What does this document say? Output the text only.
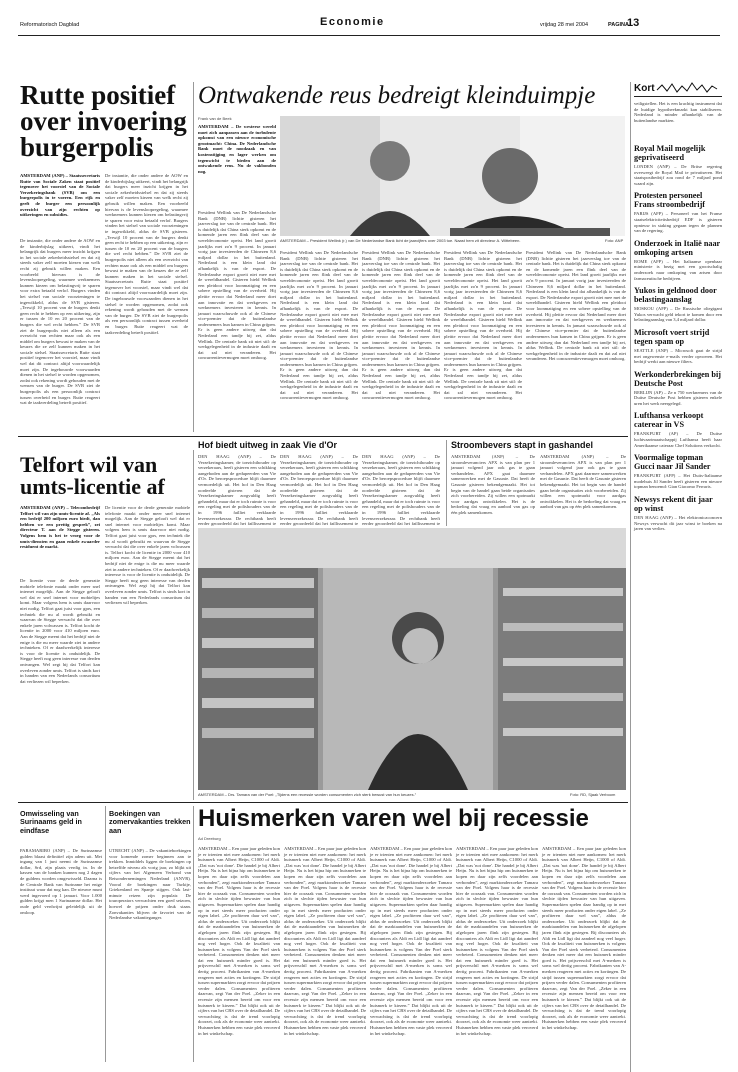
Reformatorisch Dagblad	Economie	vrijdag 28 mei 2004	PAGINA
13
Rutte positief over invoering burgerpolis
AMSTERDAM (ANP) – Staatssecretaris Rutte van Sociale Zaken staat positief tegenover het voorstel van de Sociale Verzekeringsbank (SVB) om een burgerpolis in te voeren. Een rijk en geeft de burger een persoonlijk overzicht van zijn rechten op uitkeringen en subsidies.
De instantie, die onder andere de AOW en de kinderbijslag uitkeert, vindt het belangrijk dat burgers meer inzicht krijgen in het sociale zekerheidsstelsel en dat zij steeds vaker zelf moeten kiezen van welk recht zij gebruik willen maken. Een voorbeeld hiervan is de levensloopregeling, waarmee werknemers kunnen kiezen om belastingvrij te sparen voor extra betaald verlof. Burgers vinden het stelsel van sociale voorzieningen te ingewikkeld, aldus de SVB gisteren. „Terwijl 10 procent van de burgers denkt geen recht te hebben op een uitkering, zijn er tussen de 10 en 20 procent van de burgers die wel recht hebben.” De SVB ziet de burgerpolis niet alleen als een overzicht van rechten maar ook als een middel om burgers bewust te maken van de keuzes die ze zelf kunnen maken in het sociale stelsel. Staatssecretaris Rutte staat positief tegenover het voorstel, maar vindt wel dat dit contract altijd voorwaardelijk moet zijn. De ingebouwde voorwaarden dienen in het stelsel te worden opgenomen, zodat ook rekening wordt gehouden met de wensen van de burger. De SVB ziet de burgerpolis als een persoonlijk contract tussen overheid en burger. Rutte reageert wat de taakverdeling betreft positief.
De instantie, die onder andere de AOW en de kinderbijslag uitkeert, vindt het belangrijk dat burgers meer inzicht krijgen in het sociale zekerheidsstelsel en dat zij steeds vaker zelf moeten kiezen van welk recht zij gebruik willen maken. Een voorbeeld hiervan is de levensloopregeling, waarmee werknemers kunnen kiezen om belastingvrij te sparen voor extra betaald verlof. Burgers vinden het stelsel van sociale voorzieningen te ingewikkeld, aldus de SVB gisteren. „Terwijl 10 procent van de burgers denkt geen recht te hebben op een uitkering, zijn er tussen de 10 en 20 procent van de burgers die wel recht hebben.” De SVB ziet de burgerpolis niet alleen als een overzicht van rechten maar ook als een middel om burgers bewust te maken van de keuzes die ze zelf kunnen maken in het sociale stelsel. Staatssecretaris Rutte staat positief tegenover het voorstel, maar vindt wel dat dit contract altijd voorwaardelijk moet zijn. De ingebouwde voorwaarden dienen in het stelsel te worden opgenomen, zodat ook rekening wordt gehouden met de wensen van de burger. De SVB ziet de burgerpolis als een persoonlijk contract tussen overheid en burger. Rutte reageert wat de taakverdeling betreft positief.
Ontwakende reus bedreigt kleinduimpje
Frank van de Beek
AMSTERDAM – De westerse wereld moet zich aanpassen aan de turbulente opkomst van een nieuwe economische grootmacht: China. De Nederlandsche Bank moet de noodzaak en van kostenstijging en lager werken om tegenwicht te bieden aan de ontwakende reus. Nu de vakbonden nog.
President Wellink van De Nederlandsche Bank (DNB) lichtte gisteren het jaarverslag toe van de centrale bank. Het is duidelijk dat China sterk opkomt en de komende jaren een flink deel van de wereldeconomie opeist. Het land groeit jaarlijks met zo'n 9 procent. In januari vorig jaar investeerden de Chinezen 8,6 miljard dollar in het buitenland. Nederland is een klein land dat afhankelijk is van de export. De Nederlandse export groeit niet mee met de wereldhandel. Gisteren hield Wellink een pleidooi voor loonmatiging en een sobere opstelling van de overheid. Hij pleitte ervoor dat Nederland meer doet aan innovatie en dat werkgevers en werknemers investeren in kennis. In januari waarschuwde ook al de Chinese vice-premier dat de buitenlandse ondernemers hun kansen in China grijpen. Er is geen andere uitweg dan dat Nederland een tandje bij zet, aldus Wellink. De centrale bank zit niet stil: de werkgelegenheid in de industrie daalt en dat zal niet veranderen. Het concurrentievermogen moet omhoog.
President Wellink van De Nederlandsche Bank (DNB) lichtte gisteren het jaarverslag toe van de centrale bank. Het is duidelijk dat China sterk opkomt en de komende jaren een flink deel van de wereldeconomie opeist. Het land groeit jaarlijks met zo'n 9 procent. In januari vorig jaar investeerden de Chinezen 8,6 miljard dollar in het buitenland. Nederland is een klein land dat afhankelijk is van de export. De Nederlandse export groeit niet mee met de wereldhandel. Gisteren hield Wellink een pleidooi voor loonmatiging en een sobere opstelling van de overheid. Hij pleitte ervoor dat Nederland meer doet aan innovatie en dat werkgevers en werknemers investeren in kennis. In januari waarschuwde ook al de Chinese vice-premier dat de buitenlandse ondernemers hun kansen in China grijpen. Er is geen andere uitweg dan dat Nederland een tandje bij zet, aldus Wellink. De centrale bank zit niet stil: de werkgelegenheid in de industrie daalt en dat zal niet veranderen. Het concurrentievermogen moet omhoog.
President Wellink van De Nederlandsche Bank (DNB) lichtte gisteren het jaarverslag toe van de centrale bank. Het is duidelijk dat China sterk opkomt en de komende jaren een flink deel van de wereldeconomie opeist. Het land groeit jaarlijks met zo'n 9 procent. In januari vorig jaar investeerden de Chinezen 8,6 miljard dollar in het buitenland. Nederland is een klein land dat afhankelijk is van de export. De Nederlandse export groeit niet mee met de wereldhandel. Gisteren hield Wellink een pleidooi voor loonmatiging en een sobere opstelling van de overheid. Hij pleitte ervoor dat Nederland meer doet aan innovatie en dat werkgevers en werknemers investeren in kennis. In januari waarschuwde ook al de Chinese vice-premier dat de buitenlandse ondernemers hun kansen in China grijpen. Er is geen andere uitweg dan dat Nederland een tandje bij zet, aldus Wellink. De centrale bank zit niet stil: de werkgelegenheid in de industrie daalt en dat zal niet veranderen. Het concurrentievermogen moet omhoog.
President Wellink van De Nederlandsche Bank (DNB) lichtte gisteren het jaarverslag toe van de centrale bank. Het is duidelijk dat China sterk opkomt en de komende jaren een flink deel van de wereldeconomie opeist. Het land groeit jaarlijks met zo'n 9 procent. In januari vorig jaar investeerden de Chinezen 8,6 miljard dollar in het buitenland. Nederland is een klein land dat afhankelijk is van de export. De Nederlandse export groeit niet mee met de wereldhandel. Gisteren hield Wellink een pleidooi voor loonmatiging en een sobere opstelling van de overheid. Hij pleitte ervoor dat Nederland meer doet aan innovatie en dat werkgevers en werknemers investeren in kennis. In januari waarschuwde ook al de Chinese vice-premier dat de buitenlandse ondernemers hun kansen in China grijpen. Er is geen andere uitweg dan dat Nederland een tandje bij zet, aldus Wellink. De centrale bank zit niet stil: de werkgelegenheid in de industrie daalt en dat zal niet veranderen. Het concurrentievermogen moet omhoog.
President Wellink van De Nederlandsche Bank (DNB) lichtte gisteren het jaarverslag toe van de centrale bank. Het is duidelijk dat China sterk opkomt en de komende jaren een flink deel van de wereldeconomie opeist. Het land groeit jaarlijks met zo'n 9 procent. In januari vorig jaar investeerden de Chinezen 8,6 miljard dollar in het buitenland. Nederland is een klein land dat afhankelijk is van de export. De Nederlandse export groeit niet mee met de wereldhandel. Gisteren hield Wellink een pleidooi voor loonmatiging en een sobere opstelling van de overheid. Hij pleitte ervoor dat Nederland meer doet aan innovatie en dat werkgevers en werknemers investeren in kennis. In januari waarschuwde ook al de Chinese vice-premier dat de buitenlandse ondernemers hun kansen in China grijpen. Er is geen andere uitweg dan dat Nederland een tandje bij zet, aldus Wellink. De centrale bank zit niet stil: de werkgelegenheid in de industrie daalt en dat zal niet veranderen. Het concurrentievermogen moet omhoog.
AMSTERDAM – President Wellink (r.) van De Nederlandse Bank licht de jaarcijfers over 2003 toe. Naast hem zit directeur A. Wittebeen.	Foto: ANP
Kort
veiligstellen. Het is een krachtig instrument dat de huidige hypotheekmarkt kan stabiliseren. Nederland is minder afhankelijk van de buitenlandse markten.
Royal Mail mogelijk geprivatiseerd
LONDEN (ANP) – De Britse regering overweegt de Royal Mail te privatiseren. Het staatspostbedrijf zou rond de 7 miljard pond waard zijn.
Protesten personeel Frans stroombedrijf
PARIJS (AFP) – Personeel van het Franse staatselektriciteitsbedrijf EDF is gisteren opnieuw in staking gegaan tegen de plannen van de regering.
Onderzoek in Italië naar omkoping artsen
ROME (AFP) – Het Italiaanse openbaar ministerie is bezig met een grootschalig onderzoek naar omkoping van artsen door farmaceutische bedrijven.
Yukos in geldnood door belastingaanslag
MOSKOU (AFP) – De Russische oliegigant Yukos verwacht geld tekort te komen door een belastingaanslag van 3,4 miljard dollar.
Microsoft voert strijd tegen spam op
SEATTLE (ANP) – Microsoft gaat de strijd met ongewenste e-mails verder opvoeren. Het bedrijf werkt aan nieuwe filters.
Werkonderbrekingen bij Deutsche Post
BERLIJN (AP) – Ze n 750 werknemers van de Duitse Deutsche Post hebben gisteren enkele uren het werk neergelegd.
Lufthansa verkoopt caterear in VS
FRANKFURT (AP) – De Duitse luchtvaartmaatschappij Lufthansa heeft haar Amerikaanse cateraar Chef Solutions verkocht.
Voormalige topman Gucci naar Jil Sander
FRANKFURT (AFP) – Het Duits-Italiaanse modehuis Jil Sander heeft gisteren een nieuwe topman benoemd: Gian Giacomo Ferraris.
Newsys rekent dit jaar op winst
DEN HAAG (ANP) – Het elektronicaconcern Newsys verwacht dit jaar winst te boeken na jaren van verlies.
Hof biedt uitweg in zaak Vie d'Or
DEN HAAG (ANP) – De Verzekeringskamer, de toezichthouder op verzekeraars, heeft gisteren een schikking aangeboden aan de gedupeerden van Vie d'Or. De beroepsprocedure blijft daarmee vermoedelijk uit. Het hof in Den Haag oordeelde gisteren dat de Verzekeringskamer zorgvuldig heeft gehandeld, maar dat er toch ruimte is voor een regeling met de polishouders van de in 1996 failliet verklaarde levensverzekeraar. De rechtbank heeft eerder geoordeeld dat het faillissement te
DEN HAAG (ANP) – De Verzekeringskamer, de toezichthouder op verzekeraars, heeft gisteren een schikking aangeboden aan de gedupeerden van Vie d'Or. De beroepsprocedure blijft daarmee vermoedelijk uit. Het hof in Den Haag oordeelde gisteren dat de Verzekeringskamer zorgvuldig heeft gehandeld, maar dat er toch ruimte is voor een regeling met de polishouders van de in 1996 failliet verklaarde levensverzekeraar. De rechtbank heeft eerder geoordeeld dat het faillissement te
DEN HAAG (ANP) – De Verzekeringskamer, de toezichthouder op verzekeraars, heeft gisteren een schikking aangeboden aan de gedupeerden van Vie d'Or. De beroepsprocedure blijft daarmee vermoedelijk uit. Het hof in Den Haag oordeelde gisteren dat de Verzekeringskamer zorgvuldig heeft gehandeld, maar dat er toch ruimte is voor een regeling met de polishouders van de in 1996 failliet verklaarde levensverzekeraar. De rechtbank heeft eerder geoordeeld dat het faillissement te
Stroombevers stapt in gashandel
AMSTERDAM (ANP) – De stroomleveranciers APX is van plan per 1 januari volgend jaar ook gas te gaan verhandelen. APX gaat daarmee samenwerken met de Gasunie. Dat heeft de Gasunie gisteren bekendgemaakt. Het tot begin van de handel gaan beide organisaties zich voorbereiden. Zij willen een spotmarkt voor aardgas ontwikkelen. Het is de bedoeling dat vraag en aanbod van gas op één plek samenkomen.
AMSTERDAM (ANP) – De stroomleveranciers APX is van plan per 1 januari volgend jaar ook gas te gaan verhandelen. APX gaat daarmee samenwerken met de Gasunie. Dat heeft de Gasunie gisteren bekendgemaakt. Het tot begin van de handel gaan beide organisaties zich voorbereiden. Zij willen een spotmarkt voor aardgas ontwikkelen. Het is de bedoeling dat vraag en aanbod van gas op één plek samenkomen.
Telfort wil van umts-licentie af
AMSTERDAM (ANP) – Telecombedrijf Telfort wil van zijn umts-licentie af. „Als een bedrijf 200 miljoen euro biedt, dan hebben we een prettig gesprek”, zei directeur T. aan de Stegge gisteren. Volgens hem is het te vroeg voor de umts-diensten en gaan enkele zwaarder residuent de markt.
De licentie voor de derde generatie mobiele telefonie maakt onder meer snel internet mogelijk. Aan de Stegge gelooft wel dat er snel internet voor mobieltjes komt. Maar volgens hem is umts daarvoor niet nodig. Telfort gaat juist voor gprs, een techniek die nu al wordt gebruikt en waarvan de Stegge verwacht dat die over enkele jaren volwassen is. Telfort kocht de licentie in 2000 voor 410 miljoen euro. Aan de Stegge meent dat het bedrijf niet de enige is die nu meer waarde ziet in andere technieken. Of er daadwerkelijk interesse is voor de licentie is onduidelijk. De Stegge heeft nog geen interesse van derden ontvangen. Wel zegt hij dat Telfort kan overleven zonder umts. Telfort is sinds kort in handen van een Nederlands consortium dat verliezen wil beperken.
De licentie voor de derde generatie mobiele telefonie maakt onder meer snel internet mogelijk. Aan de Stegge gelooft wel dat er snel internet voor mobieltjes komt. Maar volgens hem is umts daarvoor niet nodig. Telfort gaat juist voor gprs, een techniek die nu al wordt gebruikt en waarvan de Stegge verwacht dat die over enkele jaren volwassen is. Telfort kocht de licentie in 2000 voor 410 miljoen euro. Aan de Stegge meent dat het bedrijf niet de enige is die nu meer waarde ziet in andere technieken. Of er daadwerkelijk interesse is voor de licentie is onduidelijk. De Stegge heeft nog geen interesse van derden ontvangen. Wel zegt hij dat Telfort kan overleven zonder umts. Telfort is sinds kort in handen van een Nederlands consortium dat verliezen wil beperken.
AMSTERDAM – Drs. Tamara van der Poel: „Tijdens een recessie worden consumenten zich sterk bewust van hun keuzes.”	Foto: RD, Sjaak Verboom
Omwisseling van Surinaams geld in eindfase
PARAMARIBO (ANP) – De Surinaamse gulden blaast definitief zijn adem uit. Met ingang van 1 juni neemt de Surinaamse dollar, Srd, zijn plaats verdig in. In de kassen van de banken kunnen nog 2 dagen de guldens worden omgewisseld. Daarna is de Centrale Bank van Suriname het enige instituut waar dat nog kan. De nieuwe munt werd ingevoerd op 1 januari. Voor 1.000 gulden krijgt men 1 Surinaamse dollar. Het oude geld verdwijnt geleidelijk uit de omloop.
Boekingen van zomervakanties trekken aan
UTRECHT (ANP) – De vakantieboekingen voor komende zomer beginnen aan te trekken. Inmiddels liggen de boekingen op hetzelfde niveau als vorig jaar, zo blijkt uit cijfers van het Algemeen Verbond van Reisondernemingen Nederland (ANVR). Vooral de boekingen naar Turkije, Griekenland en Spanje stijgen. Ook last-minute reizen zijn populair. De touroperators verwachten een goed seizoen, hoewel de prijzen onder druk staan. Zonvakanties blijven de favoriet van de Nederlandse vakantieganger.
Huismerken varen wel bij recessie
Ad Dreeburg
AMSTERDAM – Een paar jaar geleden kon je er trienten niet mee aankomen: het merk huismerk van Albert Heijn, C1000 of Aldi. „Dat was 'not done'. Die handel je bij Albert Heijn. Nu is het bijna hip om huismerken te kopen en daar zijn zelfs voordelen aan verbonden”, zegt marktonderzoeker Tamara van der Poel. Volgens haar is de recessie hier de oorzaak van. Consumenten worden zich in slechte tijden bewuster van hun uitgaven. Supermarkten spelen daar handig op in met steeds meer producten onder eigen label. „Ze profiteren daar wel van”, aldus de onderzoeker. Uit onderzoek blijkt dat de marktaandelen van huismerken de afgelopen jaren flink zijn gestegen. Bij discounters als Aldi en Lidl ligt dat aandeel nog veel hoger. Ook de kwaliteit van huismerken is volgens Van der Poel sterk verbeterd. Consumenten denken niet meer dat een huismerk minder goed is. Het prijsverschil met A-merken is soms wel dertig procent. Fabrikanten van A-merken reageren met acties en kortingen. De strijd tussen supermarkten zorgt ervoor dat prijzen verder dalen. Consumenten profiteren daarvan, zegt Van der Poel. „Zeker in een recessie zijn mensen bereid om voor een huismerk te kiezen.” Dat blijkt ook uit de cijfers van het CBS over de detailhandel. De verwachting is dat de trend voorlopig doorzet, ook als de economie weer aantrekt. Huismerken hebben een vaste plek veroverd in het winkelschap.
AMSTERDAM – Een paar jaar geleden kon je er trienten niet mee aankomen: het merk huismerk van Albert Heijn, C1000 of Aldi. „Dat was 'not done'. Die handel je bij Albert Heijn. Nu is het bijna hip om huismerken te kopen en daar zijn zelfs voordelen aan verbonden”, zegt marktonderzoeker Tamara van der Poel. Volgens haar is de recessie hier de oorzaak van. Consumenten worden zich in slechte tijden bewuster van hun uitgaven. Supermarkten spelen daar handig op in met steeds meer producten onder eigen label. „Ze profiteren daar wel van”, aldus de onderzoeker. Uit onderzoek blijkt dat de marktaandelen van huismerken de afgelopen jaren flink zijn gestegen. Bij discounters als Aldi en Lidl ligt dat aandeel nog veel hoger. Ook de kwaliteit van huismerken is volgens Van der Poel sterk verbeterd. Consumenten denken niet meer dat een huismerk minder goed is. Het prijsverschil met A-merken is soms wel dertig procent. Fabrikanten van A-merken reageren met acties en kortingen. De strijd tussen supermarkten zorgt ervoor dat prijzen verder dalen. Consumenten profiteren daarvan, zegt Van der Poel. „Zeker in een recessie zijn mensen bereid om voor een huismerk te kiezen.” Dat blijkt ook uit de cijfers van het CBS over de detailhandel. De verwachting is dat de trend voorlopig doorzet, ook als de economie weer aantrekt. Huismerken hebben een vaste plek veroverd in het winkelschap.
AMSTERDAM – Een paar jaar geleden kon je er trienten niet mee aankomen: het merk huismerk van Albert Heijn, C1000 of Aldi. „Dat was 'not done'. Die handel je bij Albert Heijn. Nu is het bijna hip om huismerken te kopen en daar zijn zelfs voordelen aan verbonden”, zegt marktonderzoeker Tamara van der Poel. Volgens haar is de recessie hier de oorzaak van. Consumenten worden zich in slechte tijden bewuster van hun uitgaven. Supermarkten spelen daar handig op in met steeds meer producten onder eigen label. „Ze profiteren daar wel van”, aldus de onderzoeker. Uit onderzoek blijkt dat de marktaandelen van huismerken de afgelopen jaren flink zijn gestegen. Bij discounters als Aldi en Lidl ligt dat aandeel nog veel hoger. Ook de kwaliteit van huismerken is volgens Van der Poel sterk verbeterd. Consumenten denken niet meer dat een huismerk minder goed is. Het prijsverschil met A-merken is soms wel dertig procent. Fabrikanten van A-merken reageren met acties en kortingen. De strijd tussen supermarkten zorgt ervoor dat prijzen verder dalen. Consumenten profiteren daarvan, zegt Van der Poel. „Zeker in een recessie zijn mensen bereid om voor een huismerk te kiezen.” Dat blijkt ook uit de cijfers van het CBS over de detailhandel. De verwachting is dat de trend voorlopig doorzet, ook als de economie weer aantrekt. Huismerken hebben een vaste plek veroverd in het winkelschap.
AMSTERDAM – Een paar jaar geleden kon je er trienten niet mee aankomen: het merk huismerk van Albert Heijn, C1000 of Aldi. „Dat was 'not done'. Die handel je bij Albert Heijn. Nu is het bijna hip om huismerken te kopen en daar zijn zelfs voordelen aan verbonden”, zegt marktonderzoeker Tamara van der Poel. Volgens haar is de recessie hier de oorzaak van. Consumenten worden zich in slechte tijden bewuster van hun uitgaven. Supermarkten spelen daar handig op in met steeds meer producten onder eigen label. „Ze profiteren daar wel van”, aldus de onderzoeker. Uit onderzoek blijkt dat de marktaandelen van huismerken de afgelopen jaren flink zijn gestegen. Bij discounters als Aldi en Lidl ligt dat aandeel nog veel hoger. Ook de kwaliteit van huismerken is volgens Van der Poel sterk verbeterd. Consumenten denken niet meer dat een huismerk minder goed is. Het prijsverschil met A-merken is soms wel dertig procent. Fabrikanten van A-merken reageren met acties en kortingen. De strijd tussen supermarkten zorgt ervoor dat prijzen verder dalen. Consumenten profiteren daarvan, zegt Van der Poel. „Zeker in een recessie zijn mensen bereid om voor een huismerk te kiezen.” Dat blijkt ook uit de cijfers van het CBS over de detailhandel. De verwachting is dat de trend voorlopig doorzet, ook als de economie weer aantrekt. Huismerken hebben een vaste plek veroverd in het winkelschap.
AMSTERDAM – Een paar jaar geleden kon je er trienten niet mee aankomen: het merk huismerk van Albert Heijn, C1000 of Aldi. „Dat was 'not done'. Die handel je bij Albert Heijn. Nu is het bijna hip om huismerken te kopen en daar zijn zelfs voordelen aan verbonden”, zegt marktonderzoeker Tamara van der Poel. Volgens haar is de recessie hier de oorzaak van. Consumenten worden zich in slechte tijden bewuster van hun uitgaven. Supermarkten spelen daar handig op in met steeds meer producten onder eigen label. „Ze profiteren daar wel van”, aldus de onderzoeker. Uit onderzoek blijkt dat de marktaandelen van huismerken de afgelopen jaren flink zijn gestegen. Bij discounters als Aldi en Lidl ligt dat aandeel nog veel hoger. Ook de kwaliteit van huismerken is volgens Van der Poel sterk verbeterd. Consumenten denken niet meer dat een huismerk minder goed is. Het prijsverschil met A-merken is soms wel dertig procent. Fabrikanten van A-merken reageren met acties en kortingen. De strijd tussen supermarkten zorgt ervoor dat prijzen verder dalen. Consumenten profiteren daarvan, zegt Van der Poel. „Zeker in een recessie zijn mensen bereid om voor een huismerk te kiezen.” Dat blijkt ook uit de cijfers van het CBS over de detailhandel. De verwachting is dat de trend voorlopig doorzet, ook als de economie weer aantrekt. Huismerken hebben een vaste plek veroverd in het winkelschap.
